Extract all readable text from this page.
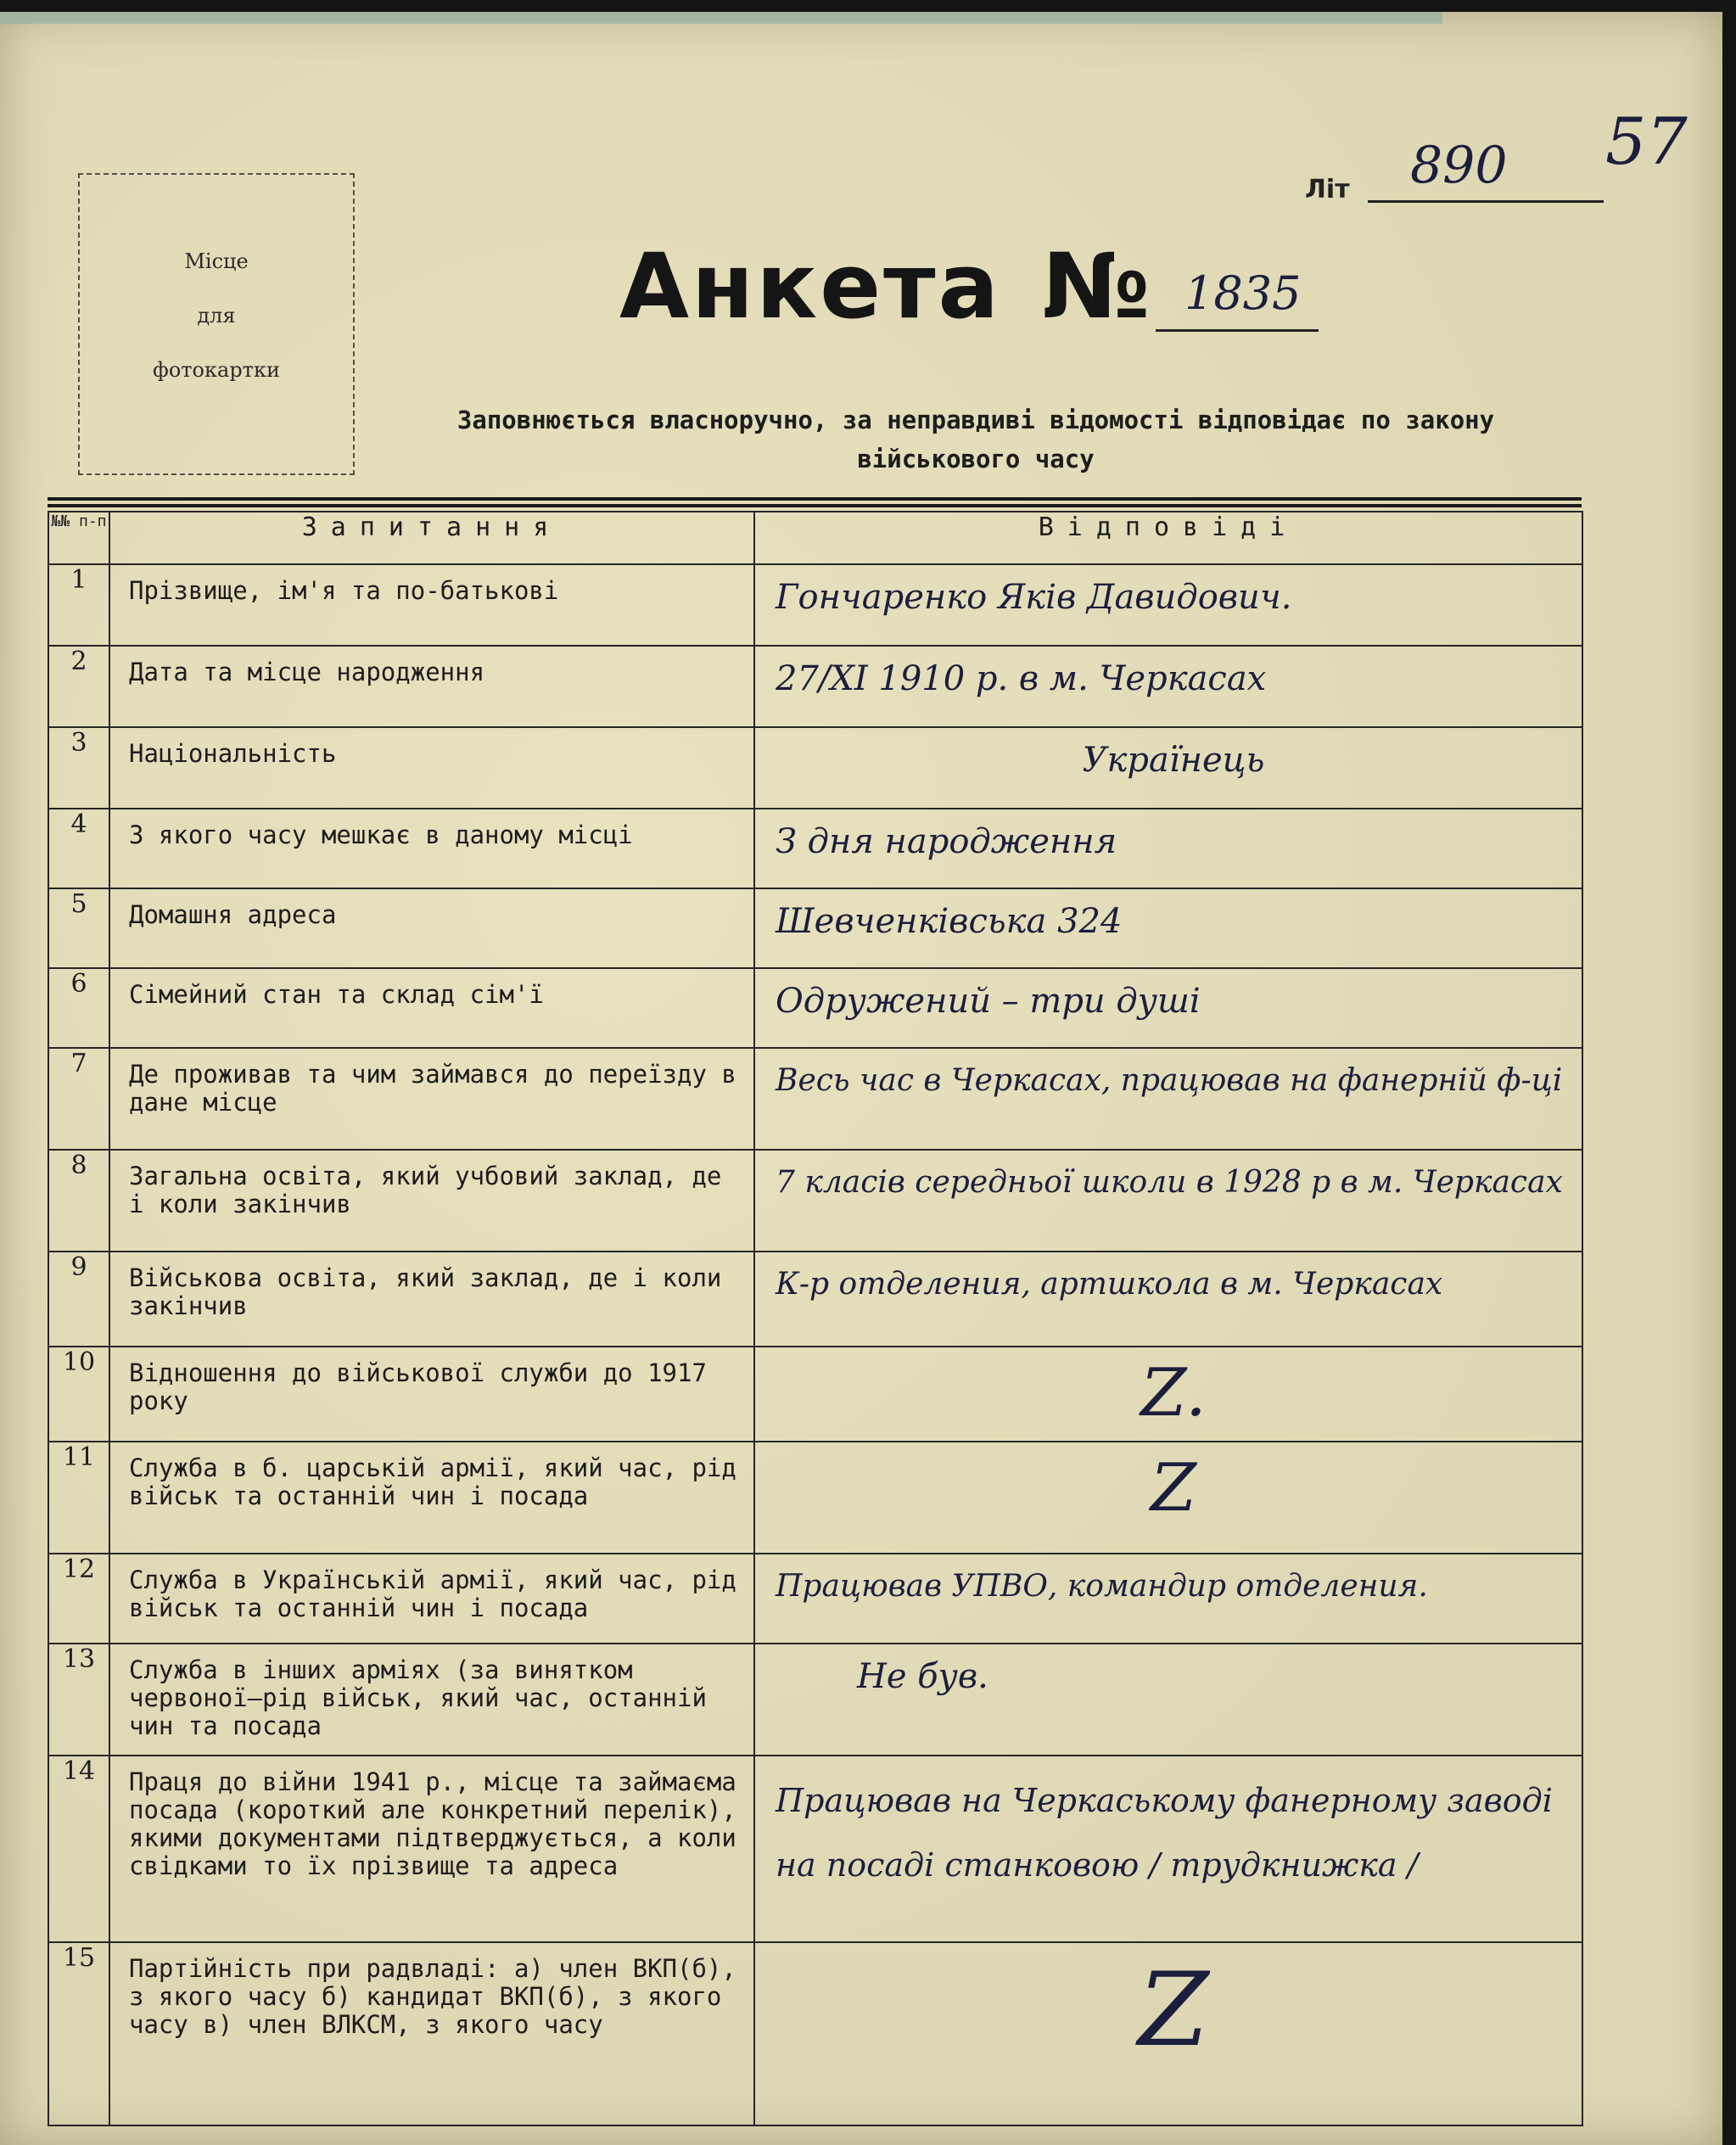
Місце
для
фотокартки
Літ 890 57
Анкета № 1835
Заповнюється власноручно, за неправдиві відомості відповідає по закону
військового часу
№№ п-п	Запитання	Відповіді
1	Прізвище, ім'я та по-батькові	Гончаренко Яків Давидович.
2	Дата та місце народження	27/XI 1910 р. в м. Черкасах
3	Національність	Українець
4	З якого часу мешкає в даному місці	З дня народження
5	Домашня адреса	Шевченківська 324
6	Сімейний стан та склад сім'ї	Одружений – три душі
7	Де проживав та чим займався до переїзду в дане місце	Весь час в Черкасах, працював на фанерній ф-ці
8	Загальна освіта, який учбовий заклад, де і коли закінчив	7 класів середньої школи в 1928 р в м. Черкасах
9	Військова освіта, який заклад, де і коли закінчив	К-р отделения, артшкола в м. Черкасах
10	Відношення до військової служби до 1917 року	Z.
11	Служба в б. царській армії, який час, рід військ та останній чин і посада	Z
12	Служба в Українській армії, який час, рід військ та останній чин і посада	Працював УПВО, командир отделения.
13	Служба в інших арміях (за винятком червоної—рід військ, який час, останній чин та посада	Не був.
14	Праця до війни 1941 р., місце та займаєма посада (короткий але конкретний перелік), якими документами підтверджується, а коли свідками то їх прізвище та адреса	Працював на Черкаському фанерному заводі на посаді станковою / трудкнижка /
15	Партійність при радвладі: а) член ВКП(б), з якого часу б) кандидат ВКП(б), з якого часу в) член ВЛКСМ, з якого часу	Z
